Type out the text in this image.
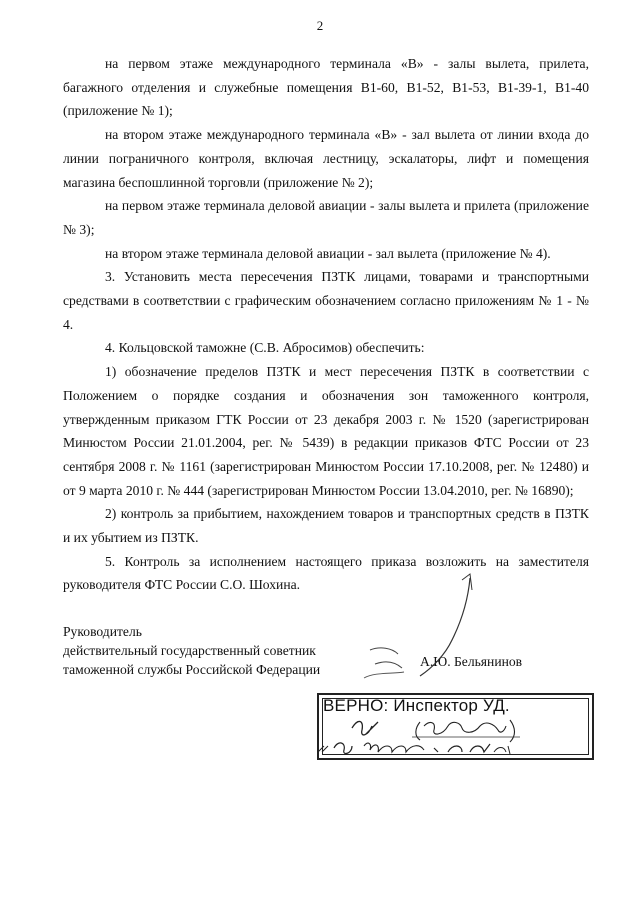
2

на первом этаже международного терминала «В» - залы вылета, прилета, багажного отделения и служебные помещения В1-60, В1-52, В1-53, В1-39-1, В1-40 (приложение № 1);

на втором этаже международного терминала «В» - зал вылета от линии входа до линии пограничного контроля, включая лестницу, эскалаторы, лифт и помещения магазина беспошлинной торговли (приложение № 2);

на первом этаже терминала деловой авиации - залы вылета и прилета (приложение № 3);

на втором этаже терминала деловой авиации - зал вылета (приложение № 4).

3. Установить места пересечения ПЗТК лицами, товарами и транспортными средствами в соответствии с графическим обозначением согласно приложениям № 1 - № 4.

4. Кольцовской таможне (С.В. Абросимов) обеспечить:

1) обозначение пределов ПЗТК и мест пересечения ПЗТК в соответствии с Положением о порядке создания и обозначения зон таможенного контроля, утвержденным приказом ГТК России от 23 декабря 2003 г. № 1520 (зарегистрирован Минюстом России 21.01.2004, рег. № 5439) в редакции приказов ФТС России от 23 сентября 2008 г. № 1161 (зарегистрирован Минюстом России 17.10.2008, рег. № 12480) и от 9 марта 2010 г. № 444 (зарегистрирован Минюстом России 13.04.2010, рег. № 16890);

2) контроль за прибытием, нахождением товаров и транспортных средств в ПЗТК и их убытием из ПЗТК.

5. Контроль за исполнением настоящего приказа возложить на заместителя руководителя ФТС России С.О. Шохина.

Руководитель
действительный государственный советник
таможенной службы Российской Федерации
А.Ю. Бельянинов
ВЕРНО: Инспектор УД.
